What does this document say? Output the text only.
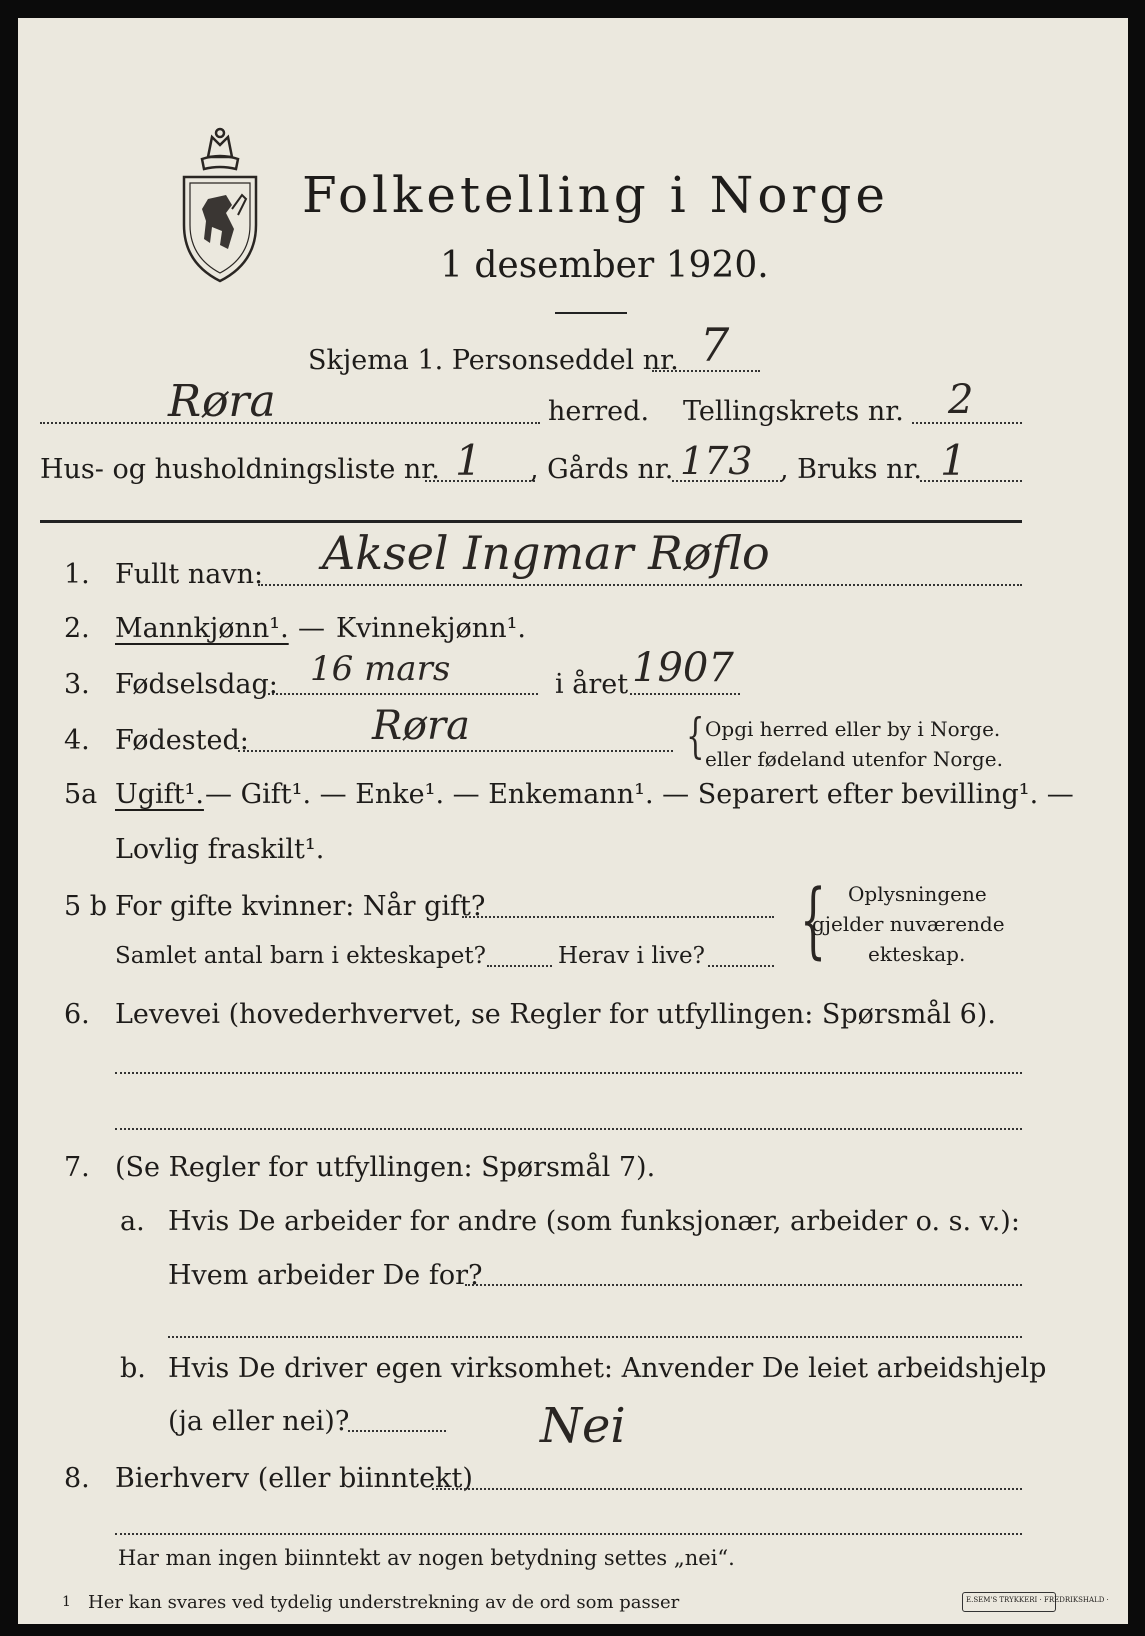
Folketelling i Norge
1 desember 1920.
Skjema 1. Personseddel nr. 7
Røra	herred. Tellingskrets nr. 2
Hus- og husholdningsliste nr. 1 , Gårds nr. 173 , Bruks nr. 1
1. Fullt navn: Aksel Ingmar Røflo
2. Mannkjønn¹. — Kvinnekjønn¹.
3. Fødselsdag: 16 mars	i året 1907
4. Fødested:	Røra	{ Opgi herred eller by i Norge.
eller fødeland utenfor Norge.
5a Ugift¹. — Gift¹. — Enke¹. — Enkemann¹. — Separert efter bevilling¹. —
Lovlig fraskilt¹.
5 b For gifte kvinner: Når gift?
Samlet antal barn i ekteskapet?	Herav i live? { Oplysningene
gjelder nuværende
ekteskap.
6. Levevei (hovederhvervet, se Regler for utfyllingen: Spørsmål 6).
7. (Se Regler for utfyllingen: Spørsmål 7).
a. Hvis De arbeider for andre (som funksjonær, arbeider o. s. v.):
Hvem arbeider De for?
b. Hvis De driver egen virksomhet: Anvender De leiet arbeidshjelp
(ja eller nei)?	Nei
8. Bierhverv (eller biinntekt)
Har man ingen biinntekt av nogen betydning settes „nei“.
1 Her kan svares ved tydelig understrekning av de ord som passer	E.SEM'S TRYKKERI · FREDRIKSHALD ·
